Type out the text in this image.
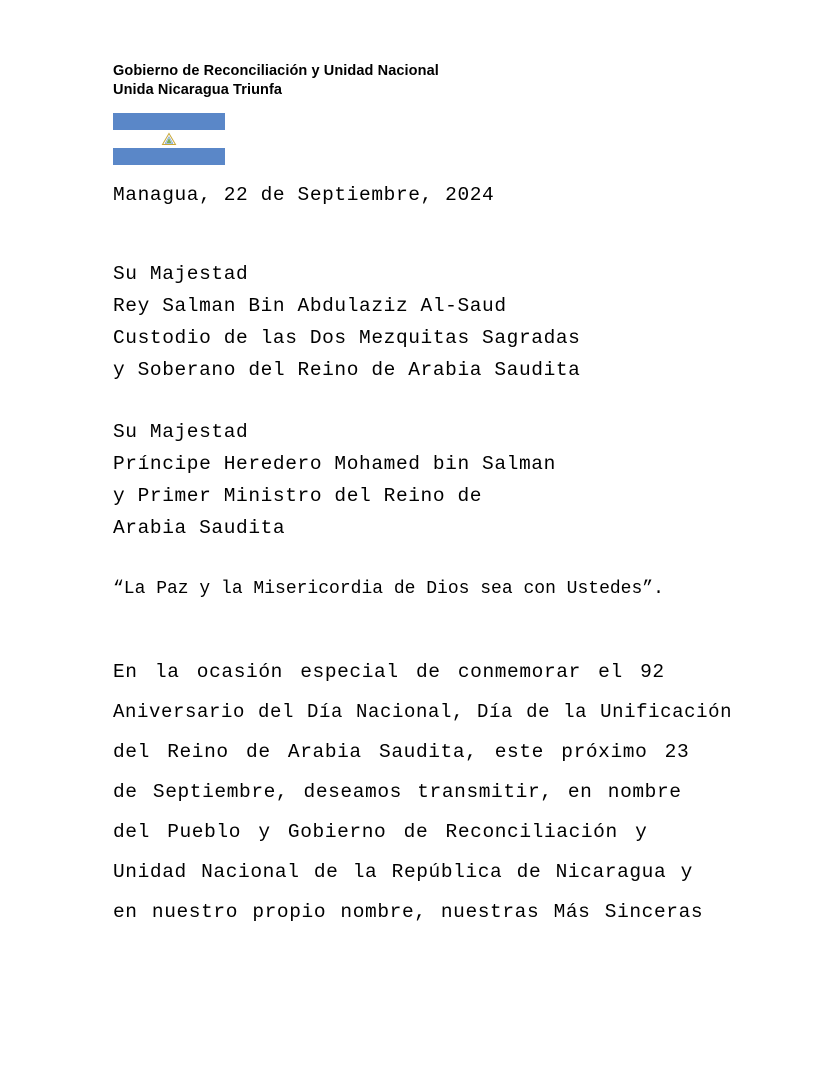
Gobierno de Reconciliación y Unidad Nacional
Unida Nicaragua Triunfa
Managua, 22 de Septiembre, 2024
Su Majestad
Rey Salman Bin Abdulaziz Al-Saud
Custodio de las Dos Mezquitas Sagradas
y Soberano del Reino de Arabia Saudita
Su Majestad
Príncipe Heredero Mohamed bin Salman
y Primer Ministro del Reino de
Arabia Saudita
“La Paz y la Misericordia de Dios sea con Ustedes”.
En la ocasión especial de conmemorar el 92
Aniversario del Día Nacional, Día de la Unificación
del Reino de Arabia Saudita, este próximo 23
de Septiembre, deseamos transmitir, en nombre
del Pueblo y Gobierno de Reconciliación y
Unidad Nacional de la República de Nicaragua y
en nuestro propio nombre, nuestras Más Sinceras
